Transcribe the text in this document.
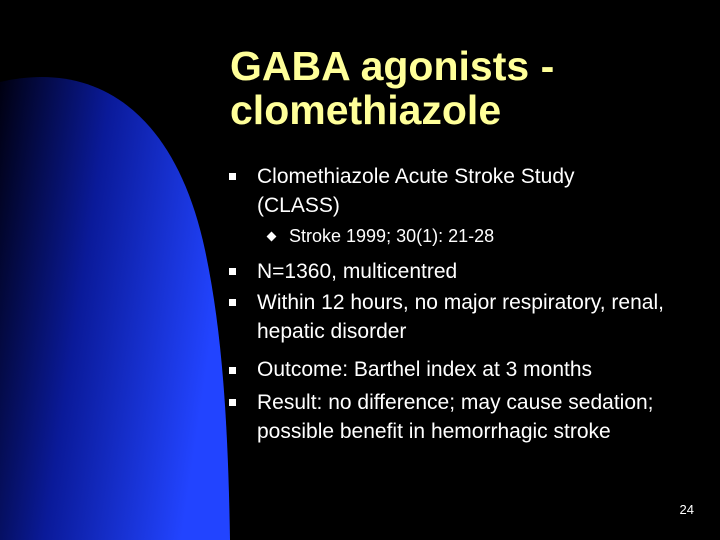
GABA agonists -
clomethiazole
Clomethiazole Acute Stroke Study (CLASS)
Stroke 1999; 30(1): 21-28
N=1360, multicentred
Within 12 hours, no major respiratory, renal, hepatic disorder
Outcome: Barthel index at 3 months
Result: no difference; may cause sedation; possible benefit in hemorrhagic stroke
24
